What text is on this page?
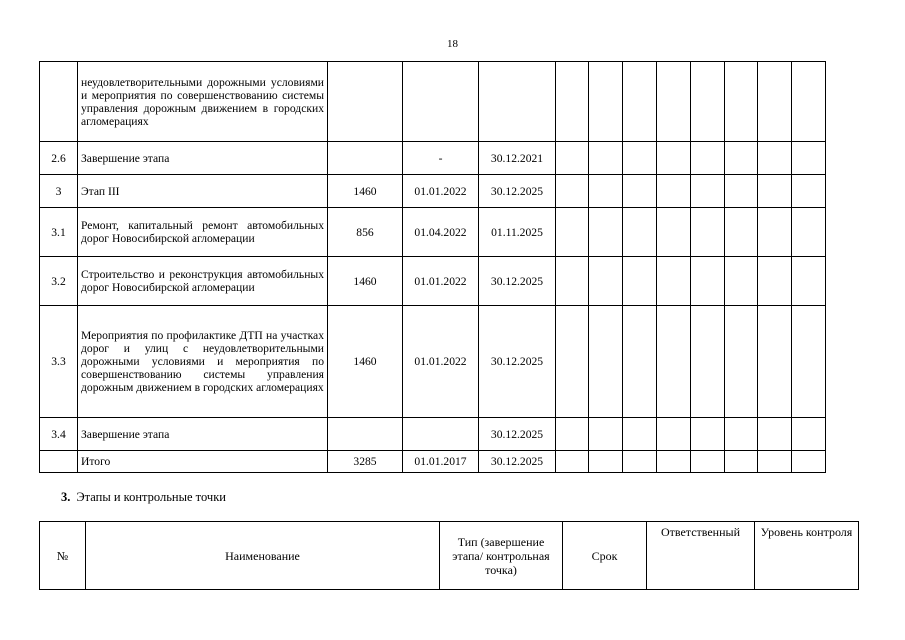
18
	неудовлетворительными дорожными условиями и мероприятия по совершенствованию системы управления дорожным движением в городских агломерациях											
2.6	Завершение этапа		-	30.12.2021								
3	Этап III	1460	01.01.2022	30.12.2025								
3.1	Ремонт, капитальный ремонт автомобильных дорог Новосибирской агломерации	856	01.04.2022	01.11.2025								
3.2	Строительство и реконструкция автомобильных дорог Новосибирской агломерации	1460	01.01.2022	30.12.2025								
3.3	Мероприятия по профилактике ДТП на участках дорог и улиц с неудовлетворительными дорожными условиями и мероприятия по совершенствованию системы управления дорожным движением в городских агломерациях	1460	01.01.2022	30.12.2025								
3.4	Завершение этапа			30.12.2025								
	Итого	3285	01.01.2017	30.12.2025								
3. Этапы и контрольные точки
№	Наименование	Тип (завершение этапа/ контрольная точка)	Срок	Ответственный	Уровень контроля
